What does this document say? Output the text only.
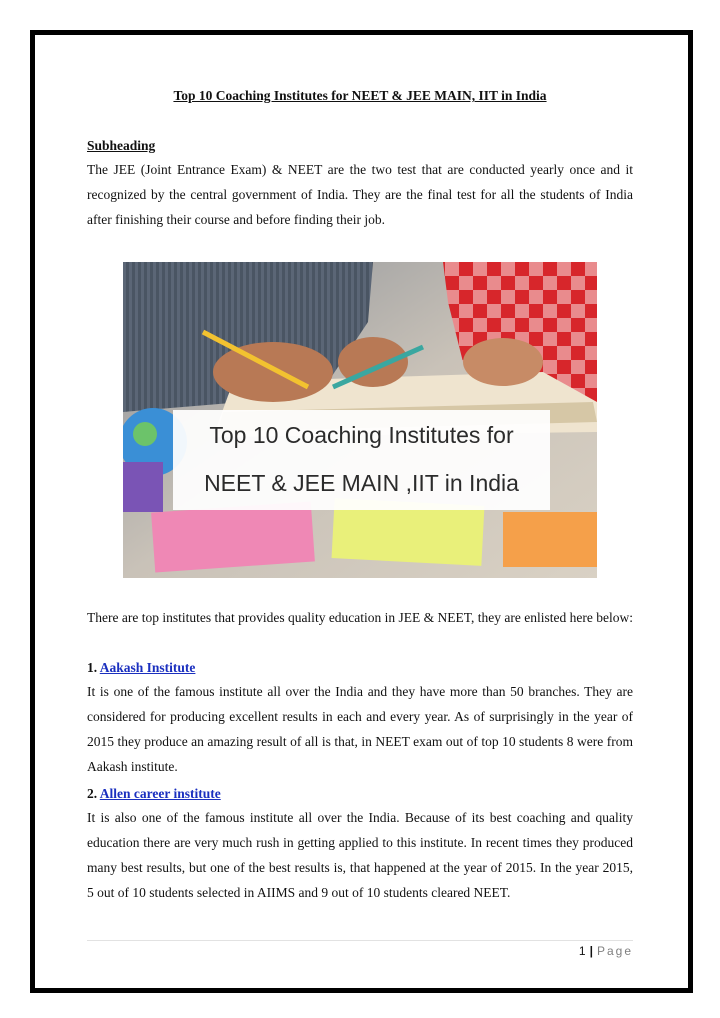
Top 10 Coaching Institutes for NEET & JEE MAIN, IIT in India
Subheading
The JEE (Joint Entrance Exam) & NEET are the two test that are conducted yearly once and it recognized by the central government of India. They are the final test for all the students of India after finishing their course and before finding their job.
There are top institutes that provides quality education in JEE & NEET, they are enlisted here below:
1. Aakash Institute
It is one of the famous institute all over the India and they have more than 50 branches. They are considered for producing excellent results in each and every year. As of surprisingly in the year of 2015 they produce an amazing result of all is that, in NEET exam out of top 10 students 8 were from Aakash institute.
2. Allen career institute
It is also one of the famous institute all over the India. Because of its best coaching and quality education there are very much rush in getting applied to this institute. In recent times they produced many best results, but one of the best results is, that happened at the year of 2015. In the year 2015, 5 out of 10 students selected in AIIMS and 9 out of 10 students cleared NEET.
Top 10 Coaching Institutes for
NEET & JEE MAIN ,IIT in India
1 | Page
